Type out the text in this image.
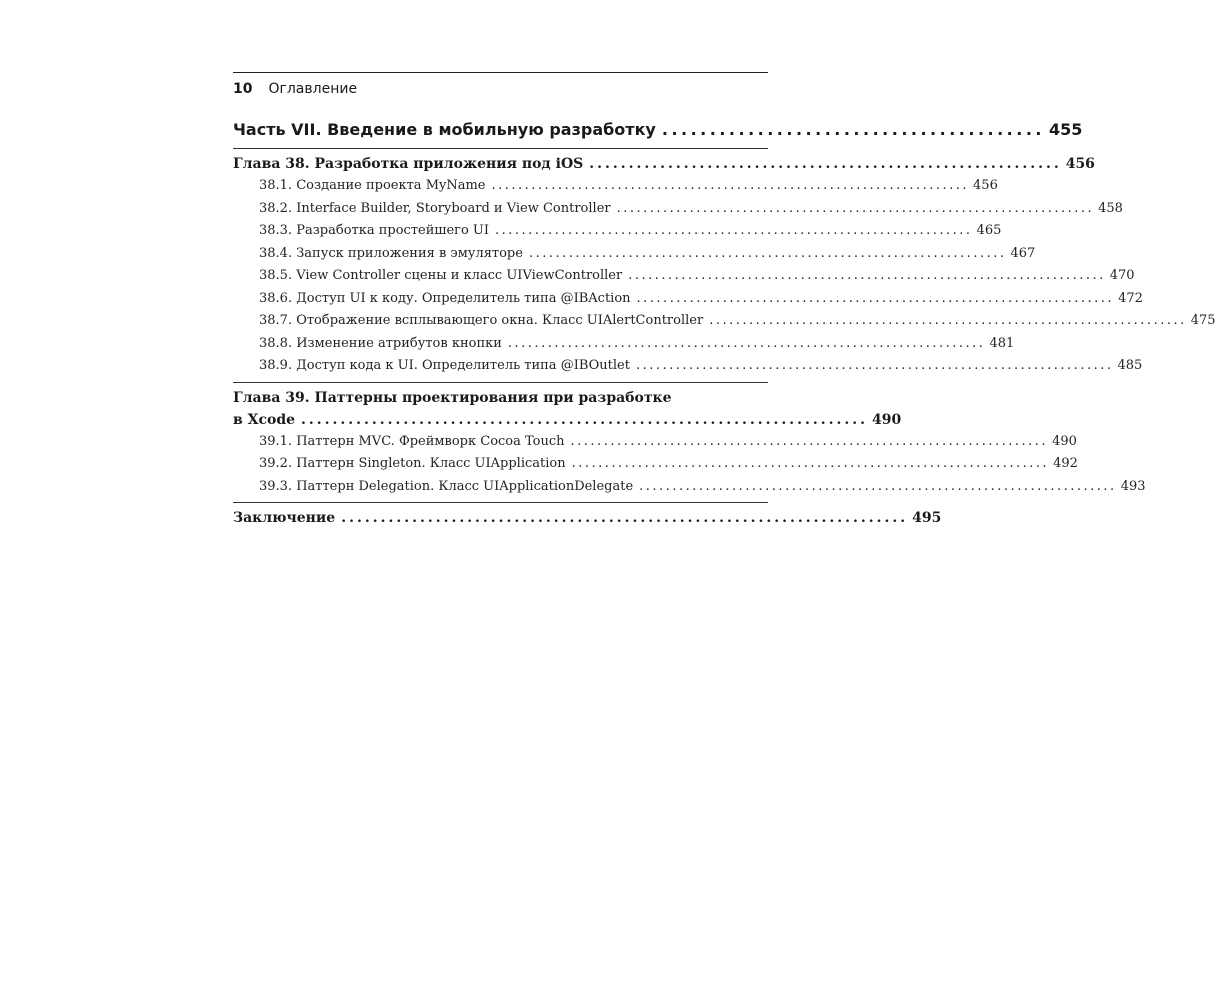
10 Оглавление
Часть VII. Введение в мобильную разработку ........................................ 455
Глава 38. Разработка приложения под iOS ............................................................ 456
38.1. Создание проекта MyName ........................................................................ 456
38.2. Interface Builder, Storyboard и View Controller ........................................................................ 458
38.3. Разработка простейшего UI ........................................................................ 465
38.4. Запуск приложения в эмуляторе ........................................................................ 467
38.5. View Controller сцены и класс UIViewController ........................................................................ 470
38.6. Доступ UI к коду. Определитель типа @IBAction ........................................................................ 472
38.7. Отображение всплывающего окна. Класс UIAlertController ........................................................................ 475
38.8. Изменение атрибутов кнопки ........................................................................ 481
38.9. Доступ кода к UI. Определитель типа @IBOutlet ........................................................................ 485
Глава 39. Паттерны проектирования при разработке
в Xcode ........................................................................ 490
39.1. Паттерн MVC. Фреймворк Cocoa Touch ........................................................................ 490
39.2. Паттерн Singleton. Класс UIApplication ........................................................................ 492
39.3. Паттерн Delegation. Класс UIApplicationDelegate ........................................................................ 493
Заключение ........................................................................ 495
